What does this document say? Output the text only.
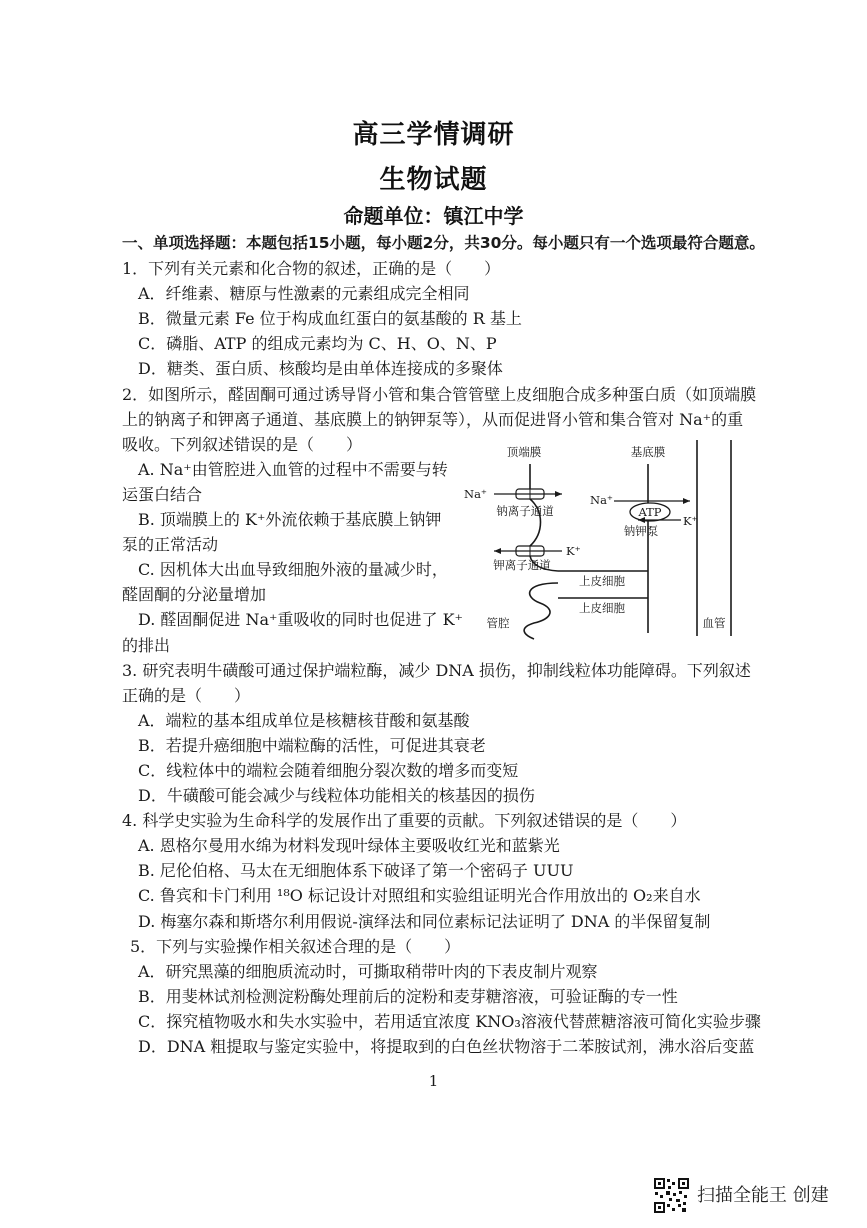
高三学情调研
生物试题
命题单位：镇江中学
一、单项选择题：本题包括15小题，每小题2分，共30分。每小题只有一个选项最符合题意。
1．下列有关元素和化合物的叙述，正确的是（　　）
A．纤维素、糖原与性激素的元素组成完全相同
B．微量元素 Fe 位于构成血红蛋白的氨基酸的 R 基上
C．磷脂、ATP 的组成元素均为 C、H、O、N、P
D．糖类、蛋白质、核酸均是由单体连接成的多聚体
2．如图所示，醛固酮可通过诱导肾小管和集合管管壁上皮细胞合成多种蛋白质（如顶端膜
上的钠离子和钾离子通道、基底膜上的钠钾泵等），从而促进肾小管和集合管对 Na⁺的重
吸收。下列叙述错误的是（　　）
A. Na⁺由管腔进入血管的过程中不需要与转
运蛋白结合
B. 顶端膜上的 K⁺外流依赖于基底膜上钠钾
泵的正常活动
C. 因机体大出血导致细胞外液的量减少时，
醛固酮的分泌量增加
D. 醛固酮促进 Na⁺重吸收的同时也促进了 K⁺
的排出
3. 研究表明牛磺酸可通过保护端粒酶，减少 DNA 损伤，抑制线粒体功能障碍。下列叙述
正确的是（　　）
A．端粒的基本组成单位是核糖核苷酸和氨基酸
B．若提升癌细胞中端粒酶的活性，可促进其衰老
C．线粒体中的端粒会随着细胞分裂次数的增多而变短
D．牛磺酸可能会减少与线粒体功能相关的核基因的损伤
4. 科学史实验为生命科学的发展作出了重要的贡献。下列叙述错误的是（　　）
A. 恩格尔曼用水绵为材料发现叶绿体主要吸收红光和蓝紫光
B. 尼伦伯格、马太在无细胞体系下破译了第一个密码子 UUU
C. 鲁宾和卡门利用 ¹⁸O 标记设计对照组和实验组证明光合作用放出的 O₂来自水
D. 梅塞尔森和斯塔尔利用假说-演绎法和同位素标记法证明了 DNA 的半保留复制
5．下列与实验操作相关叙述合理的是（　　）
A．研究黑藻的细胞质流动时，可撕取稍带叶肉的下表皮制片观察
B．用斐林试剂检测淀粉酶处理前后的淀粉和麦芽糖溶液，可验证酶的专一性
C．探究植物吸水和失水实验中，若用适宜浓度 KNO₃溶液代替蔗糖溶液可简化实验步骤
D．DNA 粗提取与鉴定实验中，将提取到的白色丝状物溶于二苯胺试剂，沸水浴后变蓝
顶端膜	基底膜
血管
Na⁺
钠离子通道
K⁺
钾离子通道
ATP
Na⁺
K⁺
钠钾泵
上皮细胞
上皮细胞
管腔
1
扫描全能王 创建
